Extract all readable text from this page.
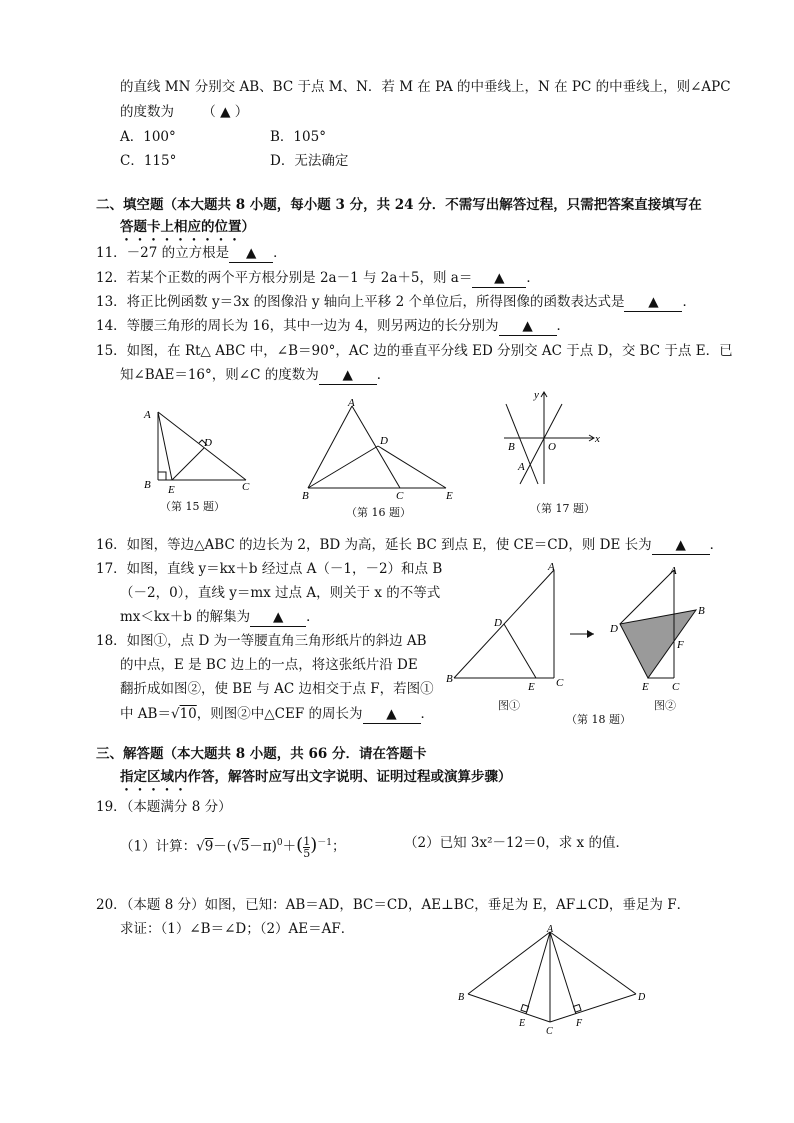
的直线 MN 分别交 AB、BC 于点 M、N．若 M 在 PA 的中垂线上，N 在 PC 的中垂线上，则∠APC
的度数为 （ ▲ ）
A．100°	B．105°
C．115°	D．无法确定
二、填空题（本大题共 8 小题，每小题 3 分，共 24 分．不需写出解答过程，只需把答案直接填写在
答题卡上相应的位置）
11．－27 的立方根是 ▲ ．
12．若某个正数的两个平方根分别是 2a－1 与 2a＋5，则 a＝ ▲ ．
13．将正比例函数 y＝3x 的图像沿 y 轴向上平移 2 个单位后，所得图像的函数表达式是 ▲ ．
14．等腰三角形的周长为 16，其中一边为 4，则另两边的长分别为 ▲ ．
15．如图，在 Rt△ ABC 中，∠B＝90°，AC 边的垂直平分线 ED 分别交 AC 于点 D，交 BC 于点 E．已
知∠BAE＝16°，则∠C 的度数为 ▲ ．
A
B E
D
C
（第 15 题）
A
D
B	C	E
（第 16 题）
y
x
O
B
A
（第 17 题）
16．如图，等边△ABC 的边长为 2，BD 为高，延长 BC 到点 E，使 CE＝CD，则 DE 长为 ▲ ．
17．如图，直线 y＝kx＋b 经过点 A（－1，－2）和点 B
（－2，0），直线 y＝mx 过点 A，则关于 x 的不等式
mx＜kx＋b 的解集为 ▲ ．
18．如图①，点 D 为一等腰直角三角形纸片的斜边 AB
的中点，E 是 BC 边上的一点，将这张纸片沿 DE
翻折成如图②，使 BE 与 AC 边相交于点 F，若图①
中 AB＝√10，则图②中△CEF 的周长为 ▲ ．
A
D
B
E C
A
D
B
F
E C
图①
（第 18 题）
图②
三、解答题（本大题共 8 小题，共 66 分．请在答题卡
指定区域内作答，解答时应写出文字说明、证明过程或演算步骤）
19．（本题满分 8 分）
（1）计算：$√9-(√5-\pi)^0+( \frac{1}{5} )^{-1}$；	（2）已知 3x²－12＝0，求 x 的值．
20．（本题 8 分）如图，已知：AB＝AD，BC＝CD，AE⊥BC，垂足为 E，AF⊥CD，垂足为 F．
求证：（1）∠B＝∠D；（2）AE＝AF．	A
B
E
C
F
D
